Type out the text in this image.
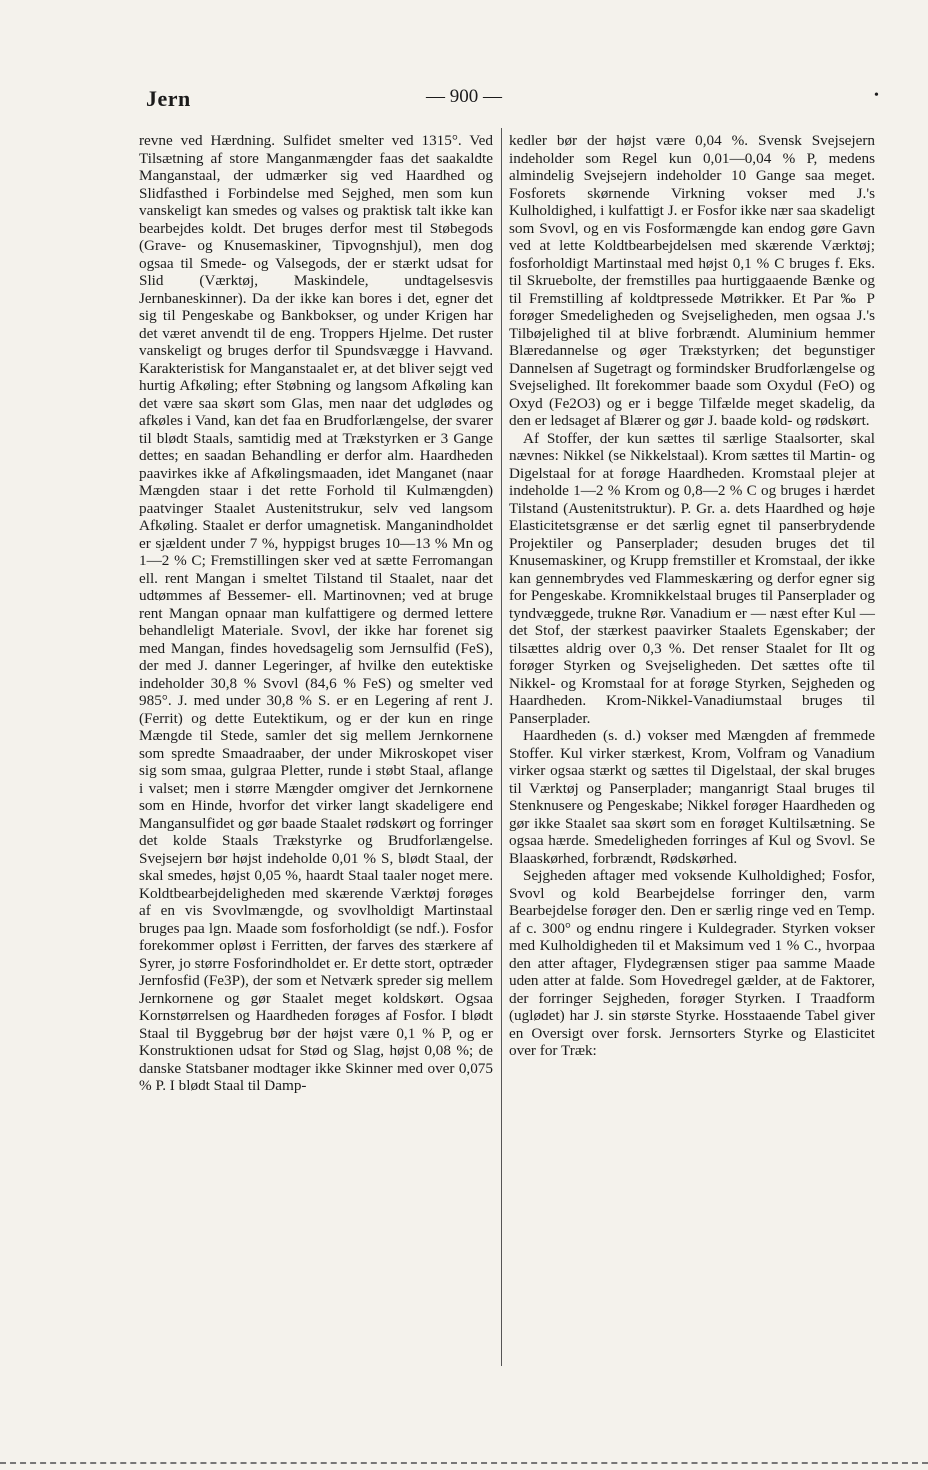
Jern	— 900 —	•

revne ved Hærdning. Sulfidet smelter ved 1315°. Ved Tilsætning af store Manganmængder faas det saakaldte Manganstaal, der udmærker sig ved Haardhed og Slidfasthed i Forbindelse med Sejghed, men som kun vanskeligt kan smedes og valses og praktisk talt ikke kan bearbejdes koldt. Det bruges derfor mest til Støbegods (Grave- og Knusemaskiner, Tipvognshjul), men dog ogsaa til Smede- og Valsegods, der er stærkt udsat for Slid (Værktøj, Maskindele, undtagelsesvis Jernbaneskinner). Da der ikke kan bores i det, egner det sig til Pengeskabe og Bankbokser, og under Krigen har det været anvendt til de eng. Troppers Hjelme. Det ruster vanskeligt og bruges derfor til Spundsvægge i Havvand. Karakteristisk for Manganstaalet er, at det bliver sejgt ved hurtig Afkøling; efter Støbning og langsom Afkøling kan det være saa skørt som Glas, men naar det udglødes og afkøles i Vand, kan det faa en Brudforlængelse, der svarer til blødt Staals, samtidig med at Trækstyrken er 3 Gange dettes; en saadan Behandling er derfor alm. Haardheden paavirkes ikke af Afkølingsmaaden, idet Manganet (naar Mængden staar i det rette Forhold til Kulmængden) paatvinger Staalet Austenitstrukur, selv ved langsom Afkøling. Staalet er derfor umagnetisk. Manganindholdet er sjældent under 7 %, hyppigst bruges 10—13 % Mn og 1—2 % C; Fremstillingen sker ved at sætte Ferromangan ell. rent Mangan i smeltet Tilstand til Staalet, naar det udtømmes af Bessemer- ell. Martinovnen; ved at bruge rent Mangan opnaar man kulfattigere og dermed lettere behandleligt Materiale. Svovl, der ikke har forenet sig med Mangan, findes hovedsagelig som Jernsulfid (FeS), der med J. danner Legeringer, af hvilke den eutektiske indeholder 30,8 % Svovl (84,6 % FeS) og smelter ved 985°. J. med under 30,8 % S. er en Legering af rent J. (Ferrit) og dette Eutektikum, og er der kun en ringe Mængde til Stede, samler det sig mellem Jernkornene som spredte Smaadraaber, der under Mikroskopet viser sig som smaa, gulgraa Pletter, runde i støbt Staal, aflange i valset; men i større Mængder omgiver det Jernkornene som en Hinde, hvorfor det virker langt skadeligere end Mangansulfidet og gør baade Staalet rødskørt og forringer det kolde Staals Trækstyrke og Brudforlængelse. Svejsejern bør højst indeholde 0,01 % S, blødt Staal, der skal smedes, højst 0,05 %, haardt Staal taaler noget mere. Koldtbearbejdeligheden med skærende Værktøj forøges af en vis Svovlmængde, og svovlholdigt Martinstaal bruges paa lgn. Maade som fosforholdigt (se ndf.). Fosfor forekommer opløst i Ferritten, der farves des stærkere af Syrer, jo større Fosforindholdet er. Er dette stort, optræder Jernfosfid (Fe3P), der som et Netværk spreder sig mellem Jernkornene og gør Staalet meget koldskørt. Ogsaa Kornstørrelsen og Haardheden forøges af Fosfor. I blødt Staal til Byggebrug bør der højst være 0,1 % P, og er Konstruktionen udsat for Stød og Slag, højst 0,08 %; de danske Statsbaner modtager ikke Skinner med over 0,075 % P. I blødt Staal til Damp-

kedler bør der højst være 0,04 %. Svensk Svejsejern indeholder som Regel kun 0,01—0,04 % P, medens almindelig Svejsejern indeholder 10 Gange saa meget. Fosforets skørnende Virkning vokser med J.'s Kulholdighed, i kulfattigt J. er Fosfor ikke nær saa skadeligt som Svovl, og en vis Fosformængde kan endog gøre Gavn ved at lette Koldtbearbejdelsen med skærende Værktøj; fosforholdigt Martinstaal med højst 0,1 % C bruges f. Eks. til Skruebolte, der fremstilles paa hurtiggaaende Bænke og til Fremstilling af koldtpressede Møtrikker. Et Par ‰ P forøger Smedeligheden og Svejseligheden, men ogsaa J.'s Tilbøjelighed til at blive forbrændt. Aluminium hemmer Blæredannelse og øger Trækstyrken; det begunstiger Dannelsen af Sugetragt og formindsker Brudforlængelse og Svejselighed. Ilt forekommer baade som Oxydul (FeO) og Oxyd (Fe2O3) og er i begge Tilfælde meget skadelig, da den er ledsaget af Blærer og gør J. baade kold- og rødskørt.

Af Stoffer, der kun sættes til særlige Staalsorter, skal nævnes: Nikkel (se Nikkelstaal). Krom sættes til Martin- og Digelstaal for at forøge Haardheden. Kromstaal plejer at indeholde 1—2 % Krom og 0,8—2 % C og bruges i hærdet Tilstand (Austenitstruktur). P. Gr. a. dets Haardhed og høje Elasticitetsgrænse er det særlig egnet til panserbrydende Projektiler og Panserplader; desuden bruges det til Knusemaskiner, og Krupp fremstiller et Kromstaal, der ikke kan gennembrydes ved Flammeskæring og derfor egner sig for Pengeskabe. Kromnikkelstaal bruges til Panserplader og tyndvæggede, trukne Rør. Vanadium er — næst efter Kul — det Stof, der stærkest paavirker Staalets Egenskaber; der tilsættes aldrig over 0,3 %. Det renser Staalet for Ilt og forøger Styrken og Svejseligheden. Det sættes ofte til Nikkel- og Kromstaal for at forøge Styrken, Sejgheden og Haardheden. Krom-Nikkel-Vanadiumstaal bruges til Panserplader.

Haardheden (s. d.) vokser med Mængden af fremmede Stoffer. Kul virker stærkest, Krom, Volfram og Vanadium virker ogsaa stærkt og sættes til Digelstaal, der skal bruges til Værktøj og Panserplader; manganrigt Staal bruges til Stenknusere og Pengeskabe; Nikkel forøger Haardheden og gør ikke Staalet saa skørt som en forøget Kultilsætning. Se ogsaa hærde. Smedeligheden forringes af Kul og Svovl. Se Blaaskørhed, forbrændt, Rødskørhed.

Sejgheden aftager med voksende Kulholdighed; Fosfor, Svovl og kold Bearbejdelse forringer den, varm Bearbejdelse forøger den. Den er særlig ringe ved en Temp. af c. 300° og endnu ringere i Kuldegrader. Styrken vokser med Kulholdigheden til et Maksimum ved 1 % C., hvorpaa den atter aftager, Flydegrænsen stiger paa samme Maade uden atter at falde. Som Hovedregel gælder, at de Faktorer, der forringer Sejgheden, forøger Styrken. I Traadform (uglødet) har J. sin største Styrke. Hosstaaende Tabel giver en Oversigt over forsk. Jernsorters Styrke og Elasticitet over for Træk:
